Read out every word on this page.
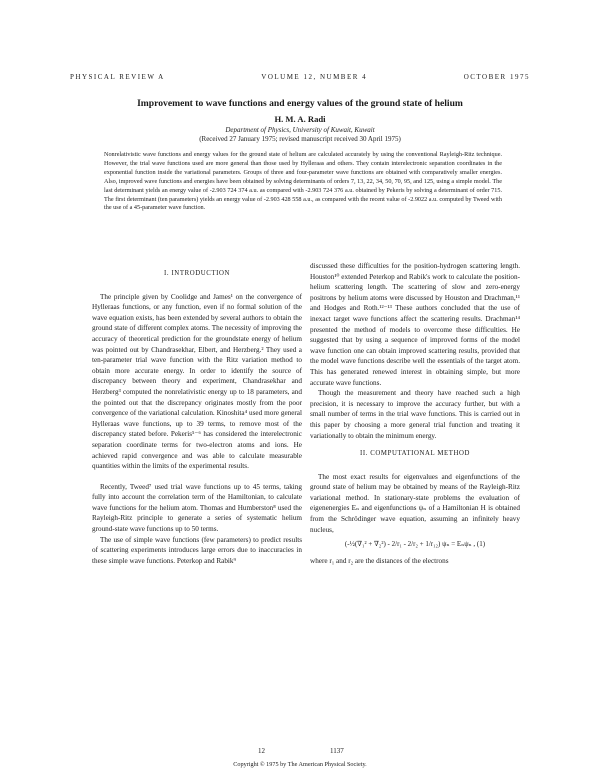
PHYSICAL REVIEW A	VOLUME 12, NUMBER 4	OCTOBER 1975
Improvement to wave functions and energy values of the ground state of helium
H. M. A. Radi
Department of Physics, University of Kuwait, Kuwait
(Received 27 January 1975; revised manuscript received 30 April 1975)
Nonrelativistic wave functions and energy values for the ground state of helium are calculated accurately by using the conventional Rayleigh-Ritz technique. However, the trial wave functions used are more general than those used by Hylleraas and others. They contain interelectronic separation coordinates in the exponential function inside the variational parameters. Groups of three and four-parameter wave functions are obtained with comparatively smaller energies. Also, improved wave functions and energies have been obtained by solving determinants of orders 7, 13, 22, 34, 50, 70, 95, and 125, using a simple model. The last determinant yields an energy value of -2.903 724 374 a.u. as compared with -2.903 724 376 a.u. obtained by Pekeris by solving a determinant of order 715. The first determinant (ten parameters) yields an energy value of -2.903 428 558 a.u., as compared with the recent value of -2.9022 a.u. computed by Tweed with the use of a 45-parameter wave function.
I. INTRODUCTION

The principle given by Coolidge and James¹ on the convergence of Hylleraas functions, or any function, even if no formal solution of the wave equation exists, has been extended by several authors to obtain the ground state of different complex atoms. The necessity of improving the accuracy of theoretical prediction for the groundstate energy of helium was pointed out by Chandrasekhar, Elbert, and Herzberg.² They used a ten-parameter trial wave function with the Ritz variation method to obtain more accurate energy. In order to identify the source of discrepancy between theory and experiment, Chandrasekhar and Herzberg³ computed the nonrelativistic energy up to 18 parameters, and the pointed out that the discrepancy originates mostly from the poor convergence of the variational calculation. Kinoshita⁴ used more general Hylleraas wave functions, up to 39 terms, to remove most of the discrepancy stated before. Pekeris⁵⁻⁶ has considered the interelectronic separation coordinate terms for two-electron atoms and ions. He achieved rapid convergence and was able to calculate measurable quantities within the limits of the experimental results.

Recently, Tweed⁷ used trial wave functions up to 45 terms, taking fully into account the correlation term of the Hamiltonian, to calculate wave functions for the helium atom. Thomas and Humberston⁸ used the Rayleigh-Ritz principle to generate a series of systematic helium ground-state wave functions up to 50 terms.

The use of simple wave functions (few parameters) to predict results of scattering experiments introduces large errors due to inaccuracies in these simple wave functions. Peterkop and Rabik⁹

discussed these difficulties for the position-hydrogen scattering length. Houston¹⁰ extended Peterkop and Rabik's work to calculate the position-helium scattering length. The scattering of slow and zero-energy positrons by helium atoms were discussed by Houston and Drachman,¹¹ and Hodges and Roth.¹²⁻¹³ These authors concluded that the use of inexact target wave functions affect the scattering results. Drachman¹⁴ presented the method of models to overcome these difficulties. He suggested that by using a sequence of improved forms of the model wave function one can obtain improved scattering results, provided that the model wave functions describe well the essentials of the target atom. This has generated renewed interest in obtaining simple, but more accurate wave functions.

Though the measurement and theory have reached such a high precision, it is necessary to improve the accuracy further, but with a small number of terms in the trial wave functions. This is carried out in this paper by choosing a more general trial function and treating it variationally to obtain the minimum energy.

II. COMPUTATIONAL METHOD

The most exact results for eigenvalues and eigenfunctions of the ground state of helium may be obtained by means of the Rayleigh-Ritz variational method. In stationary-state problems the evaluation of eigenenergies Eₙ and eigenfunctions ψₙ of a Hamiltonian H is obtained from the Schrödinger wave equation, assuming an infinitely heavy nucleus,

(-½(∇₁² + ∇₂²) - 2/r₁ - 2/r₂ + 1/r₁₂) ψₙ = Eₙψₙ , (1)

where r₁ and r₂ are the distances of the electrons

12	1137
Copyright © 1975 by The American Physical Society.
